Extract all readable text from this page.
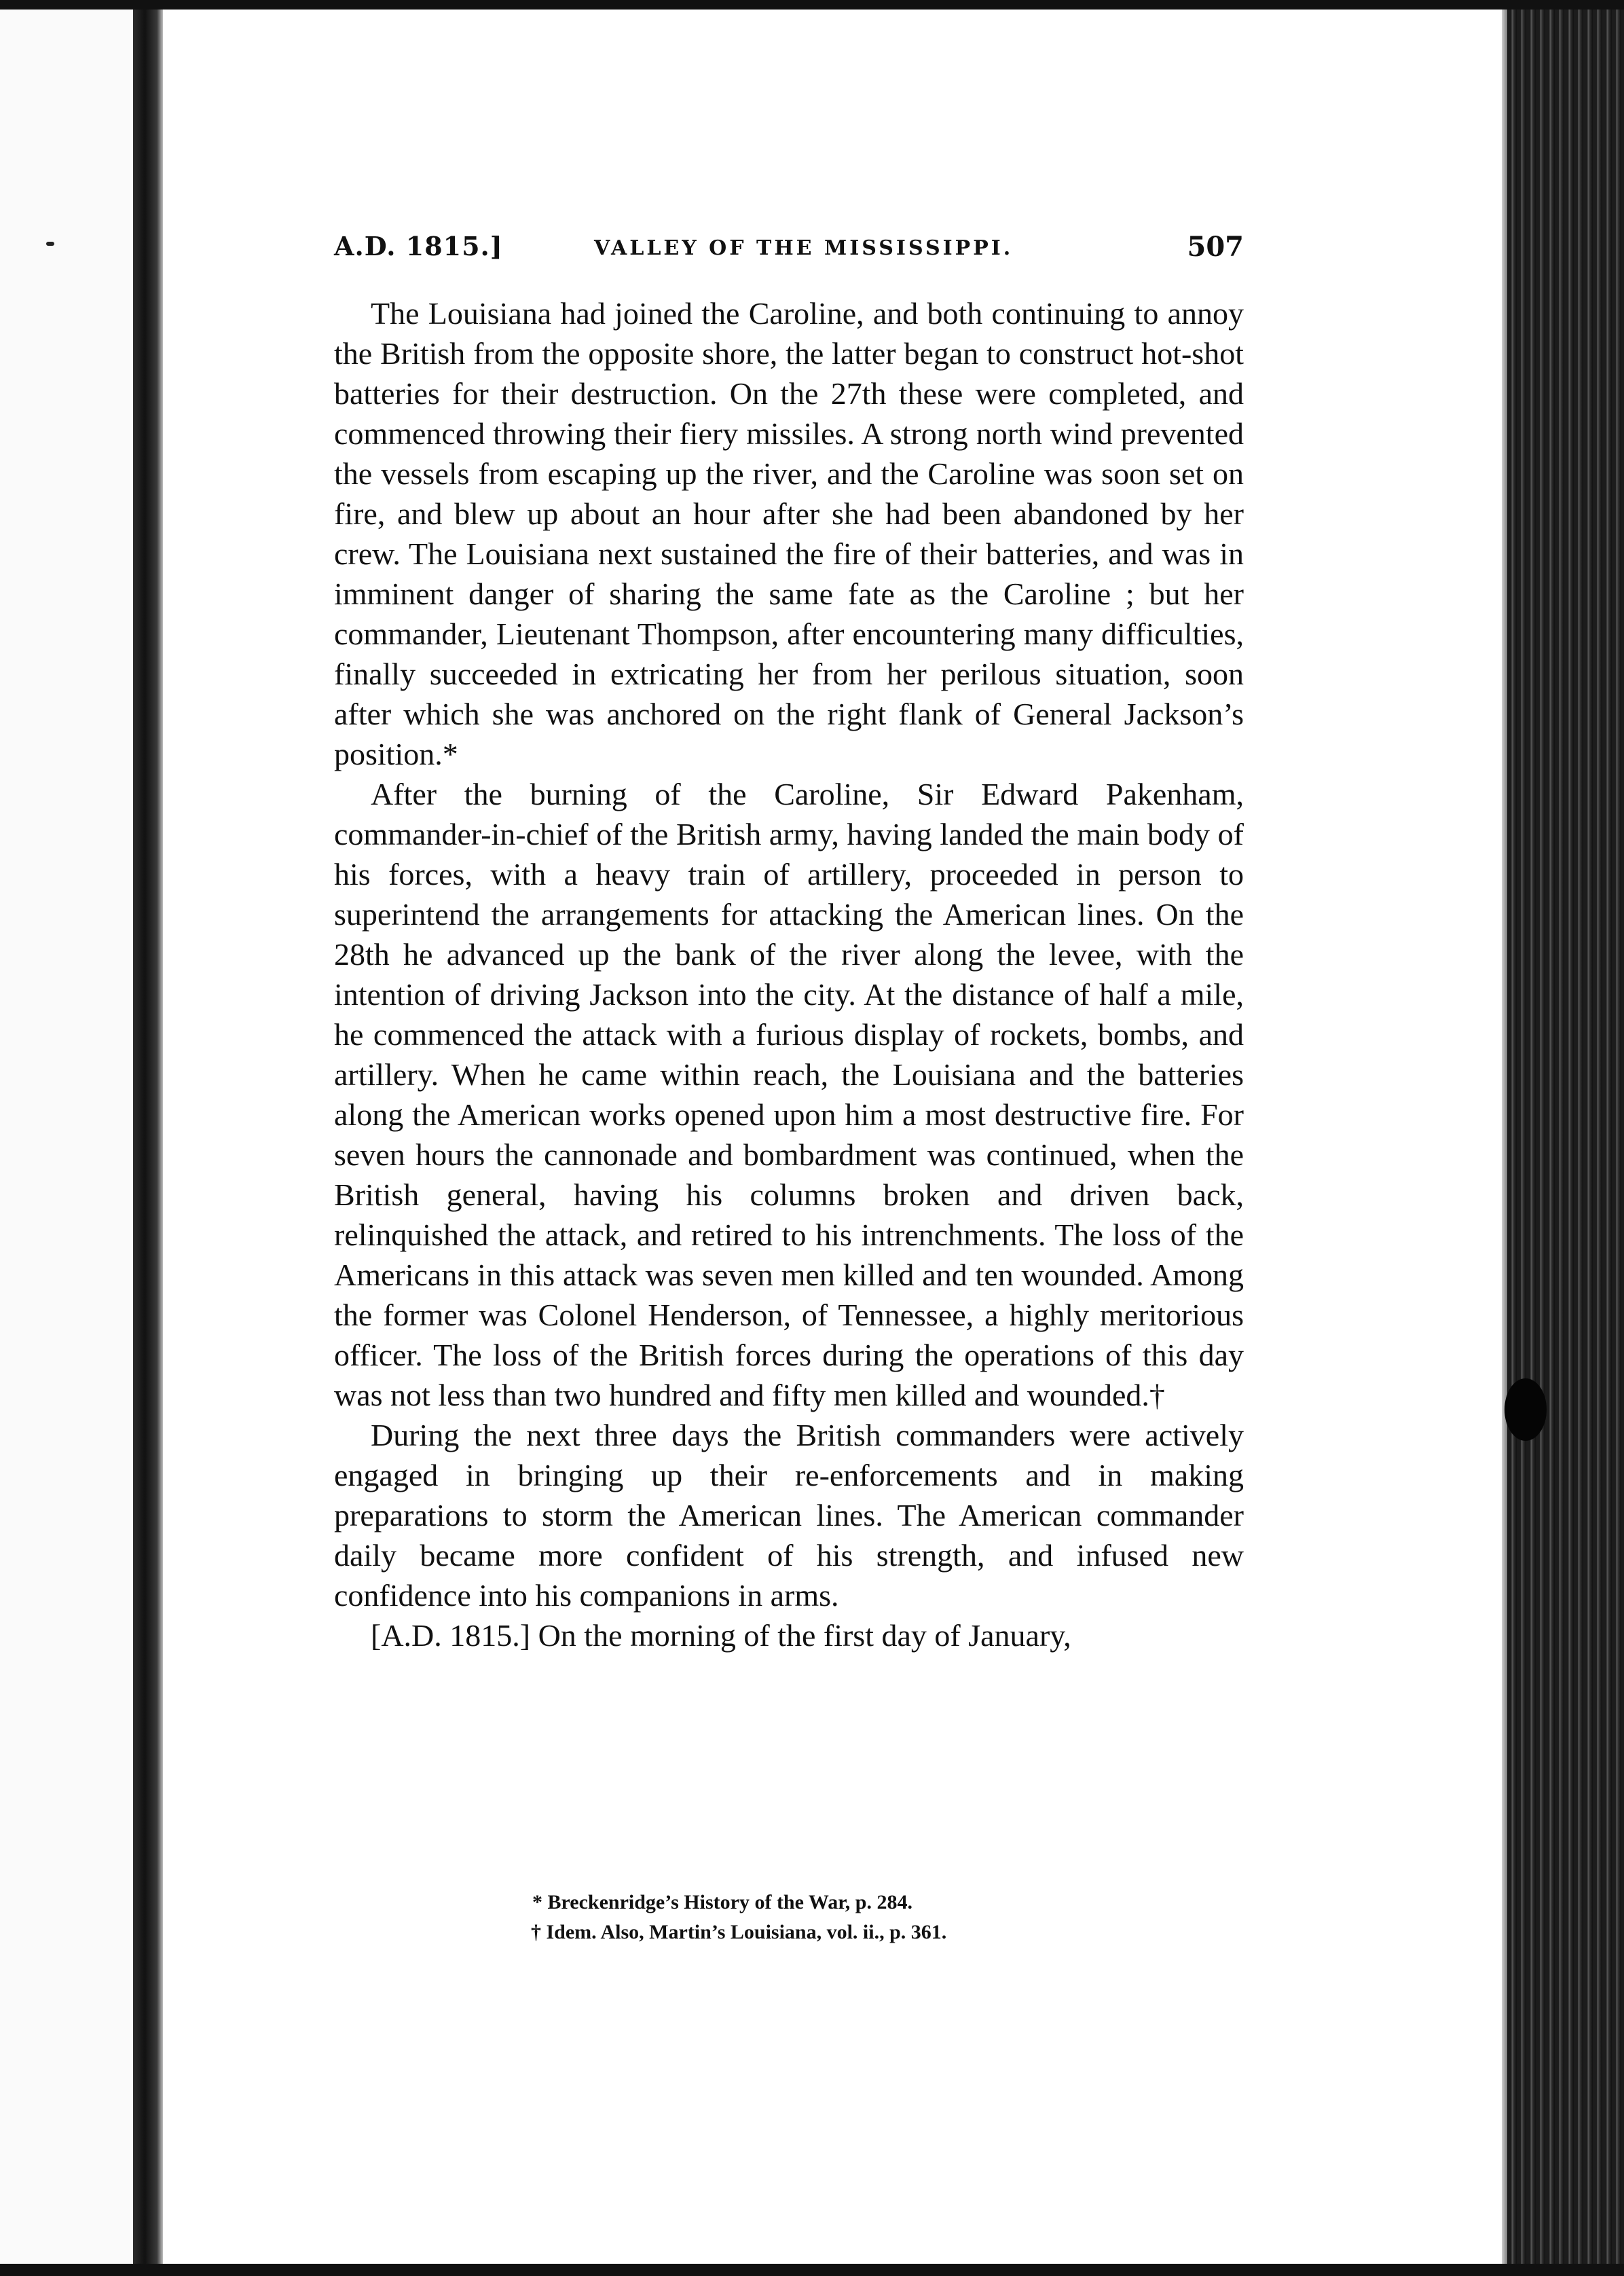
A.D. 1815.]	VALLEY OF THE MISSISSIPPI.	507

The Louisiana had joined the Caroline, and both continuing to annoy the British from the opposite shore, the latter began to construct hot-shot batteries for their destruction. On the 27th these were completed, and commenced throwing their fiery missiles. A strong north wind prevented the vessels from escaping up the river, and the Caroline was soon set on fire, and blew up about an hour after she had been abandoned by her crew. The Louisiana next sustained the fire of their batteries, and was in imminent danger of sharing the same fate as the Caroline ; but her commander, Lieutenant Thompson, after encountering many difficulties, finally succeeded in extricating her from her perilous situation, soon after which she was anchored on the right flank of General Jackson’s position.*

After the burning of the Caroline, Sir Edward Pakenham, commander-in-chief of the British army, having landed the main body of his forces, with a heavy train of artillery, proceeded in person to superintend the arrangements for attacking the American lines. On the 28th he advanced up the bank of the river along the levee, with the intention of driving Jackson into the city. At the distance of half a mile, he commenced the attack with a furious display of rockets, bombs, and artillery. When he came within reach, the Louisiana and the batteries along the American works opened upon him a most destructive fire. For seven hours the cannonade and bombardment was continued, when the British general, having his columns broken and driven back, relinquished the attack, and retired to his intrenchments. The loss of the Americans in this attack was seven men killed and ten wounded. Among the former was Colonel Henderson, of Tennessee, a highly meritorious officer. The loss of the British forces during the operations of this day was not less than two hundred and fifty men killed and wounded.†

During the next three days the British commanders were actively engaged in bringing up their re-enforcements and in making preparations to storm the American lines. The American commander daily became more confident of his strength, and infused new confidence into his companions in arms.

[A.D. 1815.] On the morning of the first day of January,

* Breckenridge’s History of the War, p. 284.
† Idem. Also, Martin’s Louisiana, vol. ii., p. 361.
